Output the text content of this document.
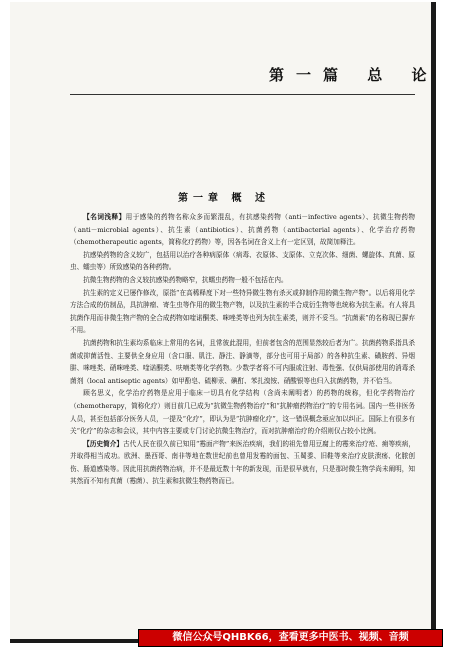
第一篇 总 论
第一章 概 述

【名词浅释】用于感染的药物名称众多而繁混乱，有抗感染药物（anti－infective agents）、抗微生物药物（anti－microbial agents）、抗生素（antibiotics）、抗菌药物（antibacterial agents）、化学治疗药物（chemotherapeutic agents，简称化疗药物）等，因各名词在含义上有一定区别，故简加释注。

抗感染药物的含义较广，包括用以治疗各种病原体（病毒、衣原体、支原体、立克次体、细菌、螺旋体、真菌、原虫、蠕虫等）所致感染的各种药物。

抗微生物药物的含义较抗感染药物略窄，抗蠕虫药物一般不包括在内。

抗生素的定义已屡作修改，原指“在高稀释度下对一些特异微生物有杀灭或抑制作用的微生物产物”。以后将用化学方法合成的仿制品，具抗肿瘤、寄生虫等作用的微生物产物，以及抗生素的半合成衍生物等也统称为抗生素。有人将具抗菌作用而非微生物产物的全合成药物如喹诺酮类、咪唑类等也列为抗生素类，则并不妥当。“抗菌素”的名称现已摒弃不用。

抗菌药物和抗生素均系临床上常用的名词，且常彼此混用，但前者包含的范围显然较后者为广。抗菌药物系指具杀菌或抑菌活性、主要供全身应用（含口服、肌注、静注、静滴等，部分也可用于局部）的各种抗生素、磺胺药、异烟肼、咪唑类、硝咪唑类、喹诺酮类、呋喃类等化学药物。少数学者将不可内服或注射、毒性强、仅供局部使用的消毒杀菌剂（local antiseptic agents）如甲酚皂、硫柳汞、碘酊、苯扎溴铵、硝酸银等也归入抗菌药物，并不恰当。

顾名思义，化学治疗药物是应用于临床一切具有化学结构（含尚未阐明者）的药物的统称，但化学药物治疗（chemotherapy，简称化疗）则目前几已成为“抗微生物药物治疗”和“抗肿瘤药物治疗”的专用名词。国内一些非医务人员，甚至包括部分医务人员，一提及“化疗”，即认为是“抗肿瘤化疗”，这一错误概念亟应加以纠正。国际上有很多有关“化疗”的杂志和会议，其中内容主要或专门讨论抗微生物治疗，而对抗肿瘤治疗的介绍则仅占较小比例。

【历史简介】古代人民在很久前已知用“霉面产物”来医治疾病，我们的祖先曾用豆腐上的霉来治疗疮、痈等疾病，并取得相当成功。欧洲、墨西哥、南非等地在数世纪前也曾用发霉的面包、玉蜀黍、旧鞋等来治疗皮肤溃疡、化脓创伤、肠道感染等。因此用抗菌药物治病，并不是最近数十年的新发现，而是很早就有，只是那时微生物学尚未阐明，知其然而不知有真菌（霉菌）、抗生素和抗微生物药物而已。

微信公众号QHBK66，查看更多中医书、视频、音频
